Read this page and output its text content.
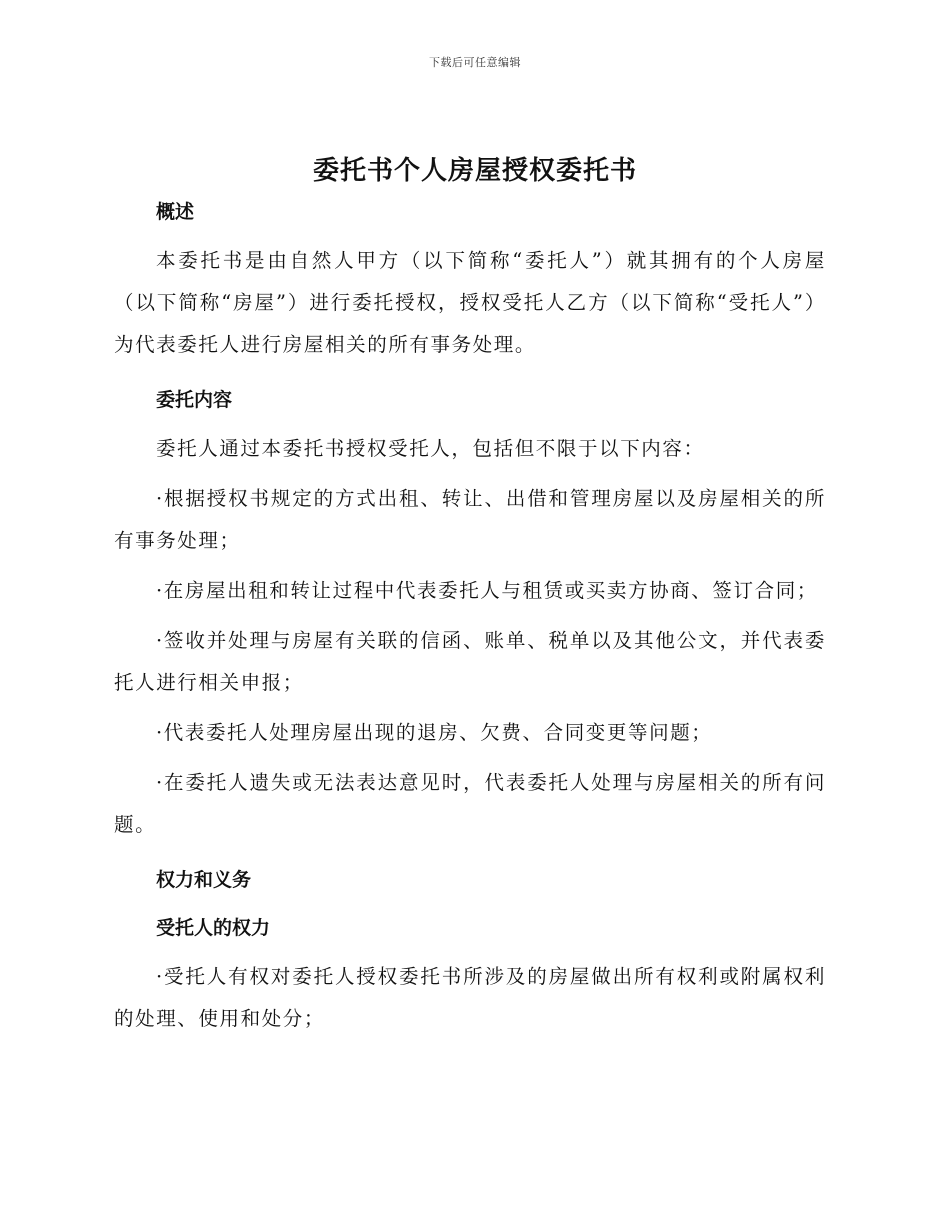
下载后可任意编辑
委托书个人房屋授权委托书
概述

本委托书是由自然人甲方（以下简称“委托人”）就其拥有的个人房屋（以下简称“房屋”）进行委托授权，授权受托人乙方（以下简称“受托人”）为代表委托人进行房屋相关的所有事务处理。

委托内容

委托人通过本委托书授权受托人，包括但不限于以下内容：

·根据授权书规定的方式出租、转让、出借和管理房屋以及房屋相关的所有事务处理；

·在房屋出租和转让过程中代表委托人与租赁或买卖方协商、签订合同；

·签收并处理与房屋有关联的信函、账单、税单以及其他公文，并代表委托人进行相关申报；

·代表委托人处理房屋出现的退房、欠费、合同变更等问题；

·在委托人遗失或无法表达意见时，代表委托人处理与房屋相关的所有问题。

权力和义务
受托人的权力

·受托人有权对委托人授权委托书所涉及的房屋做出所有权利或附属权利的处理、使用和处分；
